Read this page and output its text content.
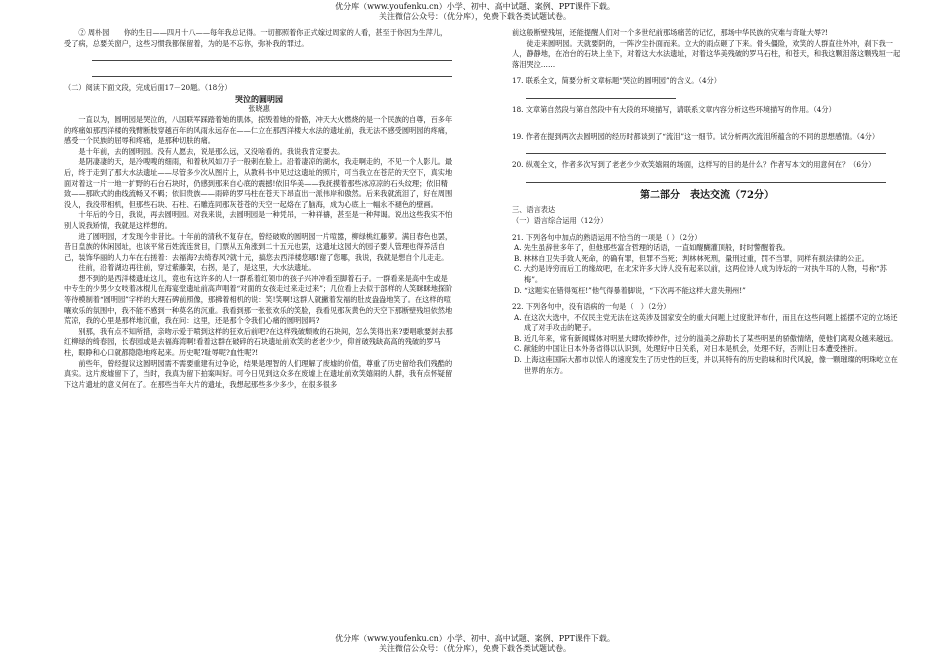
优分库（www.youfenku.cn）小学、初中、高中试题、案例、PPT课件下载。
关注微信公众号：（优分库），免费下载各类试题试卷。

② 周朴园　　你的生日——四月十八——每年我总记得。一切都照着你正式嫁过周家的人看，甚至于你因为生萍儿，受了病，总要关窗户，这些习惯我都保留着，为的是不忘你，弥补我的罪过。

（二）阅读下面文段，完成后面17－20题。（18分）

哭泣的圆明园

张晓惠

一直以为，圆明园是哭泣的，八国联军踩踏着她的肌体，掠毁着她的骨骼，冲天大火燃烧的是一个民族的自尊，百多年的疼痛如那西洋楼的残臂断肢穿越百年的风雨永远存在——仁立在那西洋楼大水法的遗址前，我无法不感受圆明园的疼痛，感受一个民族的屈辱和疼痛，是那种切肤的痛。

是十年前，去的圆明园。没有人愿去，说是那么远，又没啥看的。我说我肯定要去。

是阴凄凄的天，是冷嗖嗖的细雨，和着秋风如刀子一般刺在脸上。沿着凄凉的湖水，我走啊走的，不见一个人影儿。最后，终于走到了那大水法遗址——尽管多少次从图片上，从教科书中见过这遗址的照片，可当我立在苍茫的天空下，真实地面对着这一片一地一扩野的石台石块时，仍感到那来自心底的震撼!依旧华美——我抚摸着那些冰凉凉的石头纹理；依旧精致——那欧式的曲线流畅又不羁；依旧贵族——雨碎的罗马柱在苍天下昂直出一派伟岸和傲然。后来我就流泪了，好在周围没人，我没带相机，但那些石块、石柱、石雕连同那灰苍苍的天空一起烙在了脑海，成为心底上一幅永不褪色的壁画。

十年后的今日，我说，再去圆明园。对我来说，去圆明园是一种凭吊，一种祥禱，甚至是一种拜谒。说出这些我实不怕别人说我矫情，我就是这样想的。

进了圆明园，才发现今非昔比。十年前的清秋不复存在，曾经破败的圆明园一片喧嚣，柳绿桃红藤萝。满目春色也罢，昔日皇族的休闲园址，也该平常百姓流连赏目，门票从五角涨到二十五元也罢，这遗址这园大的园子要人管理也得养活自己，装饰华丽的人力车在右搓着：去福海?去绮春风?就十元，搞您去西洋楼您哪!谢了您哪，我说，我就是想自个儿走走。

往前，沿着湖边再往前，穿过紫藤架，右拐，是了，是这里，大水法遗址。

想不到的是西洋楼遗址这儿，竟也有这许多的人!一群系着红领巾的孩子兴冲冲看至脚着石子。一群看来是高中生或是中专生的少男少女吱着冰棍儿在海宴堂遗址前高声唱着“对面的女孩走过来走过来”；几位看上去似于部样的人笑眯眯地探阶等待模制着“圆明园”字样的大理石碑前照像，那拂着相机的说：笑!笑啊!这群人就撇着发福的肚皮盎盎地笑了。在这样的喧嚷欢乐的氛围中，我不能不感到一种莫名的沉重。我看到那一张张欢乐的笑脸，我看见那灰黄色的天空下那断壁残垣依然地荒凉，我的心里是那样地沉重，我在问：这里，还是那个令我们心痛的圆明园吗?

别那，我有点不知所措，亲吻示爱于喷到这样的狂欢后前吧?在这样残破颓败的石块间，怎么笑得出来?要唱歌要封去那红柳绿的绮春园，长春园或是去福海湾啊!看着这群在破碎的石块遗址前欢笑的老老少少，仰首破残缺高高的残破的罗马柱，眼睁和心口就都隐隐地疼起来。历史呢?耻辱呢?血性呢?!

前些年，曾经提议这圆明园需不需要重建有过争论，结果是理智的人们理解了废墟的价值，尊重了历史留给我们残酷的真实。这片废墟留下了，当时，我真为留下拍案叫好。可今日见到这众多在废墟上在遗址前欢笑嬉闹的人群，我有点怀疑留下这片遗址的意义何在了。在那些当年大片的遗址，我想起那些多少多少，在很多很多

前这般断壁残垣，还能提醒人们对一个多世纪前那场痛苦的记忆，那场中华民族的灾难与奇耻大辱?!

徒走来圆明园。天就要阴的，一阵汐尘扑面而来。立大的雨点砸了下来。骨头僵险，欢笑的人群直往外冲，刹下我一人，静静地，在冶台的石块上坐下，对着这大水法遗址，对着这华美残破的罗马石柱，和苍天，和我这颗泪落这颗残垣一起落泪哭泣……

17. 联系全文，简要分析文章标题“哭泣的圆明园”的含义。（4分）

18. 文章第自然段与第自然段中有大段的环境描写，请联系文章内容分析这些环境描写的作用。（4分）

19. 作者在提到两次去圆明园的经历时都谈到了“流泪”这一细节。试分析两次流泪所蕴含的不同的思想感情。（4分）

20. 纵观全文，作者多次写到了老老少少欢笑嬉闹的场面，这样写的目的是什么？作者写本文的用意何在？（6分）

第二部分　表达交流（72分）

三、语言表达

（一）语言综合运用（12分）

21. 下列各句中加点的熟语运用不恰当的一项是（ ）（2分）

A. 先生虽辞世多年了，但他那些富含哲理的话语，一直如醍醐灌顶般，时时警醒着我。

B. 林林自卫失手致人死命，的确有罪，但罪不当死；判林林死刑，量刑过重，罚不当罪，同样有损法律的公正。

C. 大约是诗穷而后工的缘故吧，在北宋许多大诗人没有起来以前，这两位诗人成为诗坛的一对执牛耳的人物，号称“苏梅”。

D. “这题实在错得冤枉!”他气得暴着脚说，“下次再不能这样大意失荆州!”

22. 下列各句中，没有语病的一句是（　）（2分）

A. 在这次大选中，不仅民主党无法在这英涉及国家安全的重大问题上过度批评布什，而且在这些问题上摇摆不定的立场还成了对手攻击的靶子。

B. 近几年来，常有新闻媒体对明星大肆吹捧炒作，过分的溢美之辞助长了某些明星的骄傲情绪，使他们离观众越来越远。

C. 献能的中国让日本外务省得以认识到，处理好中日关系，对日本是机会，处理不好，否则让日本遭受挫折。

D. 上海这座国际大都市以惊人的速度发生了历史性的巨变，并以其特有的历史韵味和时代风貌，像一颗璀璨的明珠屹立在世界的东方。

优分库（www.youfenku.cn）小学、初中、高中试题、案例、PPT课件下载。
关注微信公众号：（优分库），免费下载各类试题试卷。
